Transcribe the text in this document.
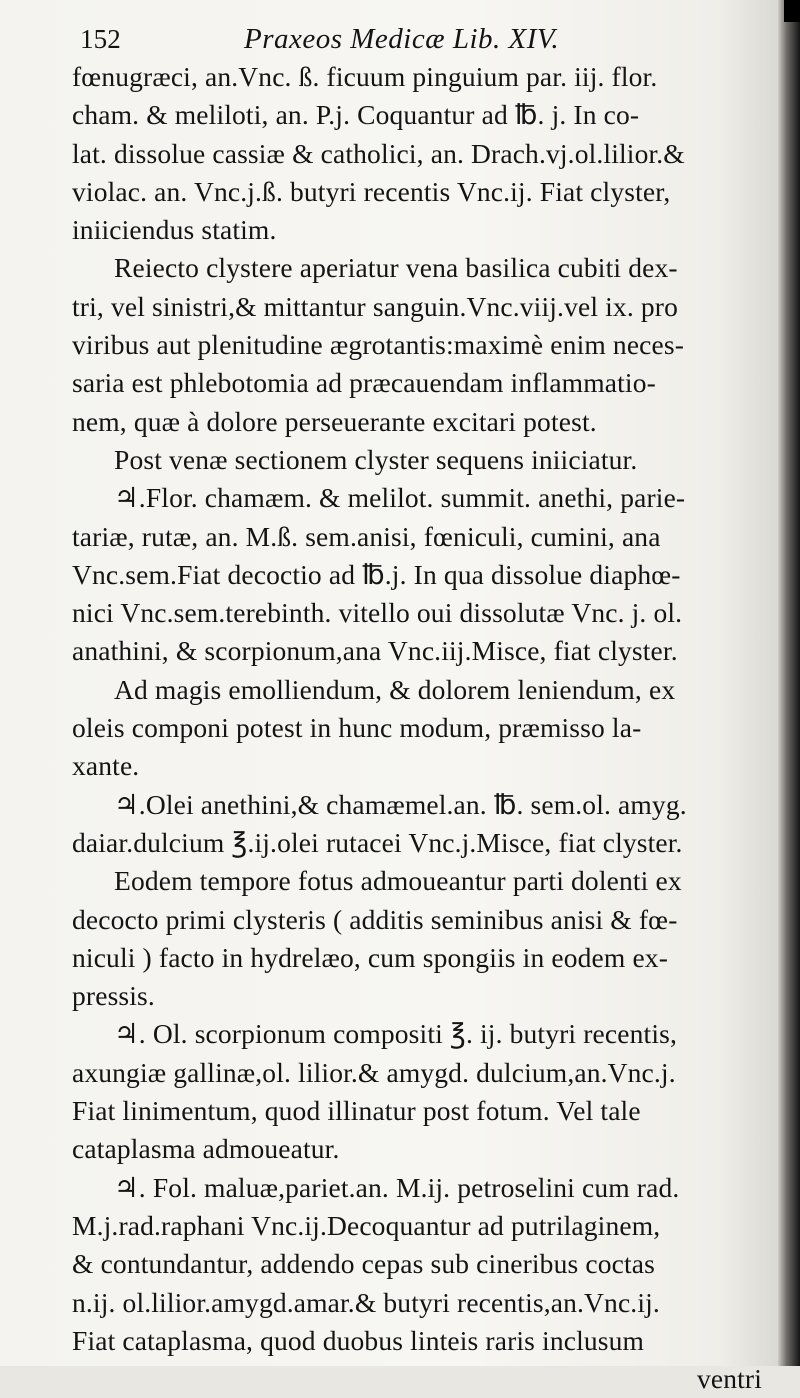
152	Praxeos Medicæ Lib. XIV.
fœnugræci, an.Vnc. ß. ficuum pinguium par. iij. flor.
cham. & meliloti, an. P.j. Coquantur ad ℔. j. In co-
lat. dissolue cassiæ & catholici, an. Drach.vj.ol.lilior.&
violac. an. Vnc.j.ß. butyri recentis Vnc.ij. Fiat clyster,
iniiciendus statim.
Reiecto clystere aperiatur vena basilica cubiti dex-
tri, vel sinistri,& mittantur sanguin.Vnc.viij.vel ix. pro
viribus aut plenitudine ægrotantis:maximè enim neces-
saria est phlebotomia ad præcauendam inflammatio-
nem, quæ à dolore perseuerante excitari potest.
Post venæ sectionem clyster sequens iniiciatur.
♃.Flor. chamæm. & melilot. summit. anethi, parie-
tariæ, rutæ, an. M.ß. sem.anisi, fœniculi, cumini, ana
Vnc.sem.Fiat decoctio ad ℔.j. In qua dissolue diaphœ-
nici Vnc.sem.terebinth. vitello oui dissolutæ Vnc. j. ol.
anathini, & scorpionum,ana Vnc.iij.Misce, fiat clyster.
Ad magis emolliendum, & dolorem leniendum, ex
oleis componi potest in hunc modum, præmisso la-
xante.
♃.Olei anethini,& chamæmel.an. ℔. sem.ol. amyg.
daiar.dulcium ℥.ij.olei rutacei Vnc.j.Misce, fiat clyster.
Eodem tempore fotus admoueantur parti dolenti ex
decocto primi clysteris ( additis seminibus anisi & fœ-
niculi ) facto in hydrelæo, cum spongiis in eodem ex-
pressis.
♃. Ol. scorpionum compositi ℥. ij. butyri recentis,
axungiæ gallinæ,ol. lilior.& amygd. dulcium,an.Vnc.j.
Fiat linimentum, quod illinatur post fotum. Vel tale
cataplasma admoueatur.
♃. Fol. maluæ,pariet.an. M.ij. petroselini cum rad.
M.j.rad.raphani Vnc.ij.Decoquantur ad putrilaginem,
& contundantur, addendo cepas sub cineribus coctas
n.ij. ol.lilior.amygd.amar.& butyri recentis,an.Vnc.ij.
Fiat cataplasma, quod duobus linteis raris inclusum
ventri
